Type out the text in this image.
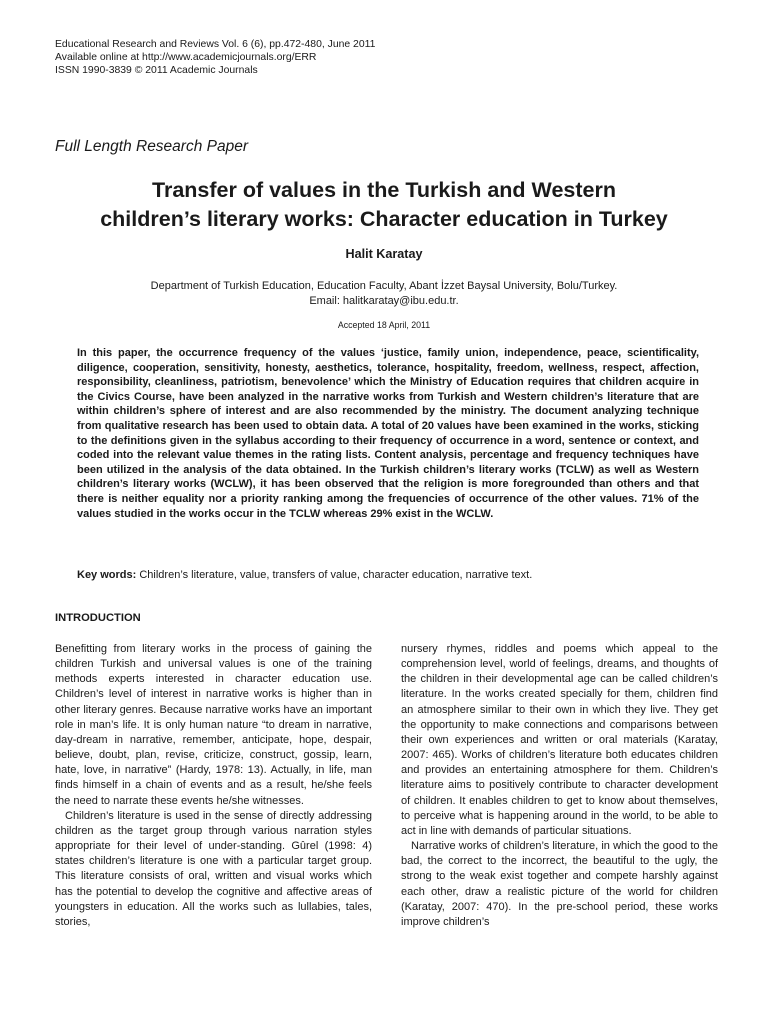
Educational Research and Reviews Vol. 6 (6), pp.472-480, June 2011
Available online at http://www.academicjournals.org/ERR
ISSN 1990-3839 © 2011 Academic Journals
Full Length Research Paper
Transfer of values in the Turkish and Western
children’s literary works: Character education in Turkey
Halit Karatay
Department of Turkish Education, Education Faculty, Abant İzzet Baysal University, Bolu/Turkey.
Email: halitkaratay@ibu.edu.tr.
Accepted 18 April, 2011

In this paper, the occurrence frequency of the values ‘justice, family union, independence, peace, scientificality, diligence, cooperation, sensitivity, honesty, aesthetics, tolerance, hospitality, freedom, wellness, respect, affection, responsibility, cleanliness, patriotism, benevolence’ which the Ministry of Education requires that children acquire in the Civics Course, have been analyzed in the narrative works from Turkish and Western children’s literature that are within children’s sphere of interest and are also recommended by the ministry. The document analyzing technique from qualitative research has been used to obtain data. A total of 20 values have been examined in the works, sticking to the definitions given in the syllabus according to their frequency of occurrence in a word, sentence or context, and coded into the relevant value themes in the rating lists. Content analysis, percentage and frequency techniques have been utilized in the analysis of the data obtained. In the Turkish children’s literary works (TCLW) as well as Western children’s literary works (WCLW), it has been observed that the religion is more foregrounded than others and that there is neither equality nor a priority ranking among the frequencies of occurrence of the other values. 71% of the values studied in the works occur in the TCLW whereas 29% exist in the WCLW.

Key words: Children’s literature, value, transfers of value, character education, narrative text.
INTRODUCTION

Benefitting from literary works in the process of gaining the children Turkish and universal values is one of the training methods experts interested in character education use. Children’s level of interest in narrative works is higher than in other literary genres. Because narrative works have an important role in man’s life. It is only human nature “to dream in narrative, day-dream in narrative, remember, anticipate, hope, despair, believe, doubt, plan, revise, criticize, construct, gossip, learn, hate, love, in narrative” (Hardy, 1978: 13). Actually, in life, man finds himself in a chain of events and as a result, he/she feels the need to narrate these events he/she witnesses.

Children’s literature is used in the sense of directly addressing children as the target group through various narration styles appropriate for their level of under-standing. Gûrel (1998: 4) states children’s literature is one with a particular target group. This literature consists of oral, written and visual works which has the potential to develop the cognitive and affective areas of youngsters in education. All the works such as lullabies, tales, stories,

nursery rhymes, riddles and poems which appeal to the comprehension level, world of feelings, dreams, and thoughts of the children in their developmental age can be called children’s literature. In the works created specially for them, children find an atmosphere similar to their own in which they live. They get the opportunity to make connections and comparisons between their own experiences and written or oral materials (Karatay, 2007: 465). Works of children’s literature both educates children and provides an entertaining atmosphere for them. Children’s literature aims to positively contribute to character development of children. It enables children to get to know about themselves, to perceive what is happening around in the world, to be able to act in line with demands of particular situations.

Narrative works of children’s literature, in which the good to the bad, the correct to the incorrect, the beautiful to the ugly, the strong to the weak exist together and compete harshly against each other, draw a realistic picture of the world for children (Karatay, 2007: 470). In the pre-school period, these works improve children’s
